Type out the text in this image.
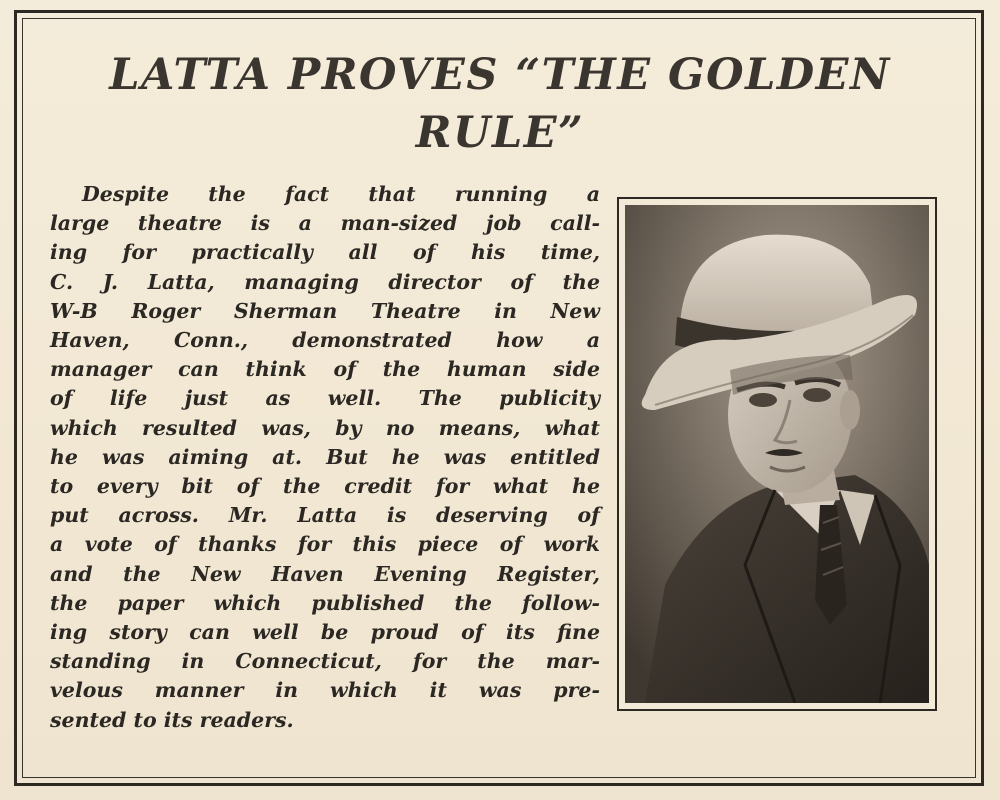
LATTA PROVES “THE GOLDEN
RULE”
Despite the fact that running a
large theatre is a man-sized job call-
ing for practically all of his time,
C. J. Latta, managing director of the
W-B Roger Sherman Theatre in New
Haven, Conn., demonstrated how a
manager can think of the human side
of life just as well. The publicity
which resulted was, by no means, what
he was aiming at. But he was entitled
to every bit of the credit for what he
put across. Mr. Latta is deserving of
a vote of thanks for this piece of work
and the New Haven Evening Register,
the paper which published the follow-
ing story can well be proud of its fine
standing in Connecticut, for the mar-
velous manner in which it was pre-
sented to its readers.
